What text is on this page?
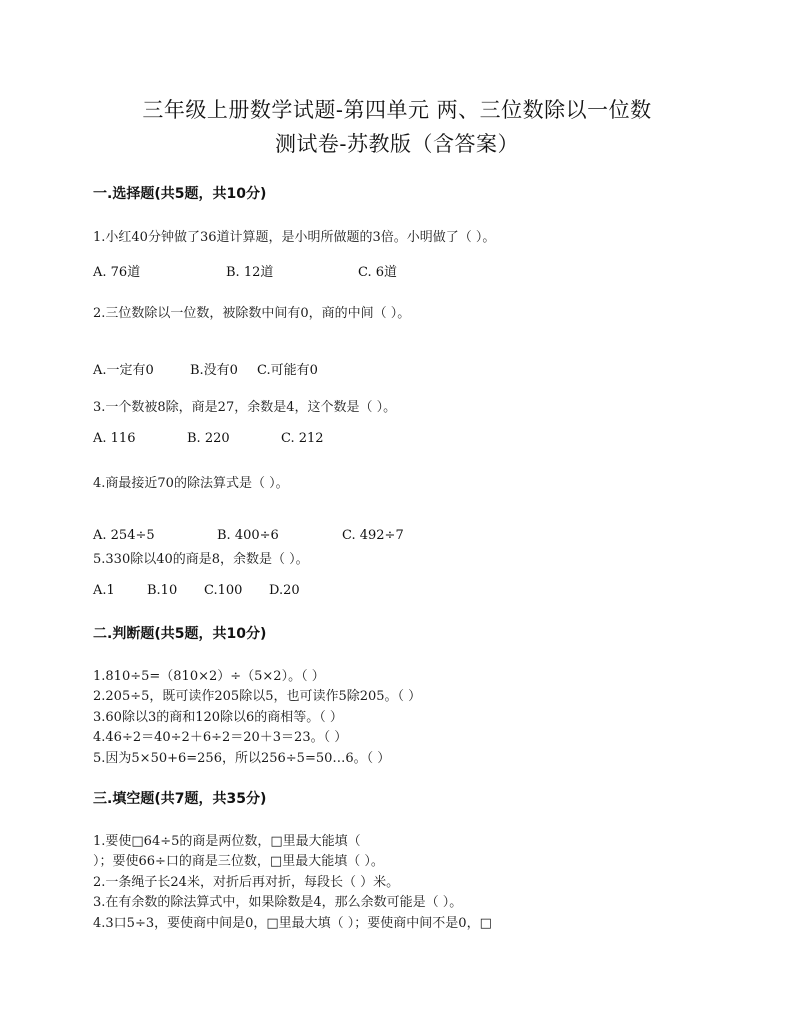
三年级上册数学试题-第四单元 两、三位数除以一位数
测试卷-苏教版（含答案）
一.选择题(共5题，共10分)
1.小红40分钟做了36道计算题，是小明所做题的3倍。小明做了（ ）。
A. 76道	B. 12道	C. 6道
2.三位数除以一位数，被除数中间有0，商的中间（ ）。
A.一定有0	B.没有0 C.可能有0
3.一个数被8除，商是27，余数是4，这个数是（ ）。
A. 116	B. 220	C. 212
4.商最接近70的除法算式是（ ）。
A. 254÷5	B. 400÷6	C. 492÷7
5.330除以40的商是8，余数是（ ）。
A.1 B.10 C.100 D.20
二.判断题(共5题，共10分)
1.810÷5=（810×2）÷（5×2）。（ ）
2.205÷5，既可读作205除以5，也可读作5除205。（ ）
3.60除以3的商和120除以6的商相等。（ ）
4.46÷2＝40÷2＋6÷2＝20＋3＝23。（ ）
5.因为5×50+6=256，所以256÷5=50…6。（ ）
三.填空题(共7题，共35分)
1.要使□64÷5的商是两位数，□里最大能填（
）；要使66÷口的商是三位数，□里最大能填（ ）。
2.一条绳子长24米，对折后再对折，每段长（ ）米。
3.在有余数的除法算式中，如果除数是4，那么余数可能是（ ）。
4.3口5÷3，要使商中间是0，□里最大填（ ）；要使商中间不是0，□
